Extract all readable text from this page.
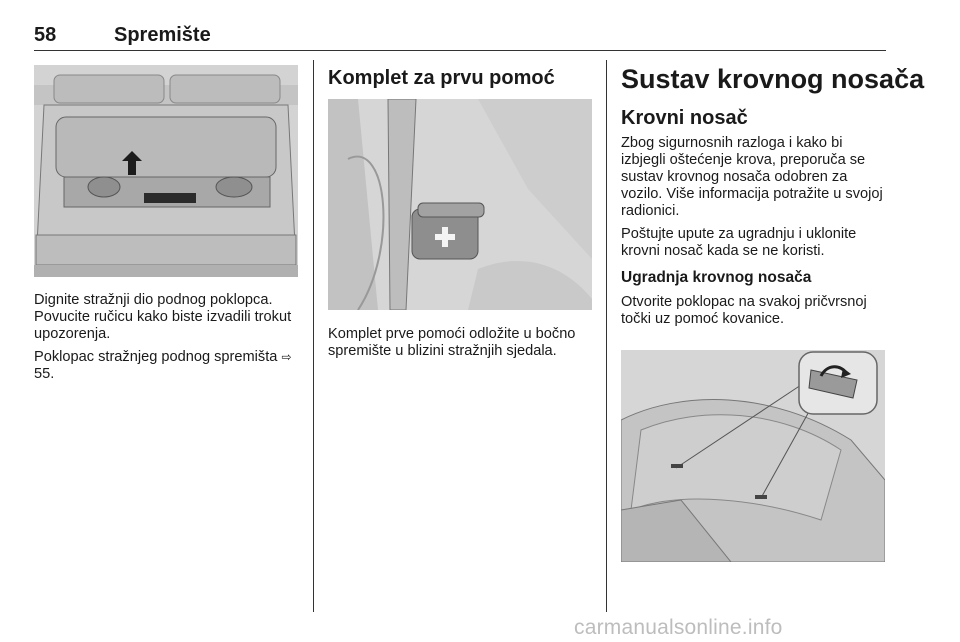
58	Spremište

Dignite stražnji dio podnog poklopca. Povucite ručicu kako biste izvadili trokut upozorenja.

Poklopac stražnjeg podnog spremišta ⇨ 55.

Komplet za prvu pomoć

Komplet prve pomoći odložite u bočno spremište u blizini stražnjih sjedala.

Sustav krovnog nosača
Krovni nosač

Zbog sigurnosnih razloga i kako bi izbjegli oštećenje krova, preporuča se sustav krovnog nosača odobren za vozilo. Više informacija potražite u svojoj radionici.

Poštujte upute za ugradnju i uklonite krovni nosač kada se ne koristi.

Ugradnja krovnog nosača

Otvorite poklopac na svakoj pričvrsnoj točki uz pomoć kovanice.

carmanualsonline.info
